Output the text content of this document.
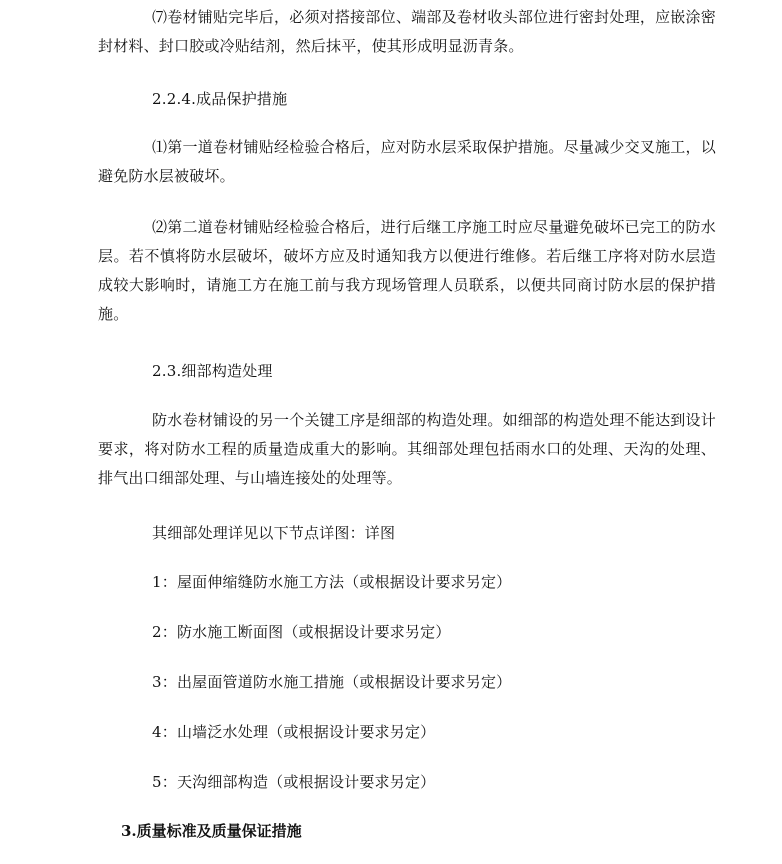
⑺卷材铺贴完毕后，必须对搭接部位、端部及卷材收头部位进行密封处理，应嵌涂密封材料、封口胶或冷贴结剂，然后抹平，使其形成明显沥青条。

2.2.4.成品保护措施

⑴第一道卷材铺贴经检验合格后，应对防水层采取保护措施。尽量减少交叉施工，以避免防水层被破坏。

⑵第二道卷材铺贴经检验合格后，进行后继工序施工时应尽量避免破坏已完工的防水层。若不慎将防水层破坏，破坏方应及时通知我方以便进行维修。若后继工序将对防水层造成较大影响时，请施工方在施工前与我方现场管理人员联系，以便共同商讨防水层的保护措施。

2.3.细部构造处理

防水卷材铺设的另一个关键工序是细部的构造处理。如细部的构造处理不能达到设计要求，将对防水工程的质量造成重大的影响。其细部处理包括雨水口的处理、天沟的处理、排气出口细部处理、与山墙连接处的处理等。

其细部处理详见以下节点详图：详图

1：屋面伸缩缝防水施工方法（或根据设计要求另定）

2：防水施工断面图（或根据设计要求另定）

3：出屋面管道防水施工措施（或根据设计要求另定）

4：山墙泛水处理（或根据设计要求另定）

5：天沟细部构造（或根据设计要求另定）

3.质量标准及质量保证措施
